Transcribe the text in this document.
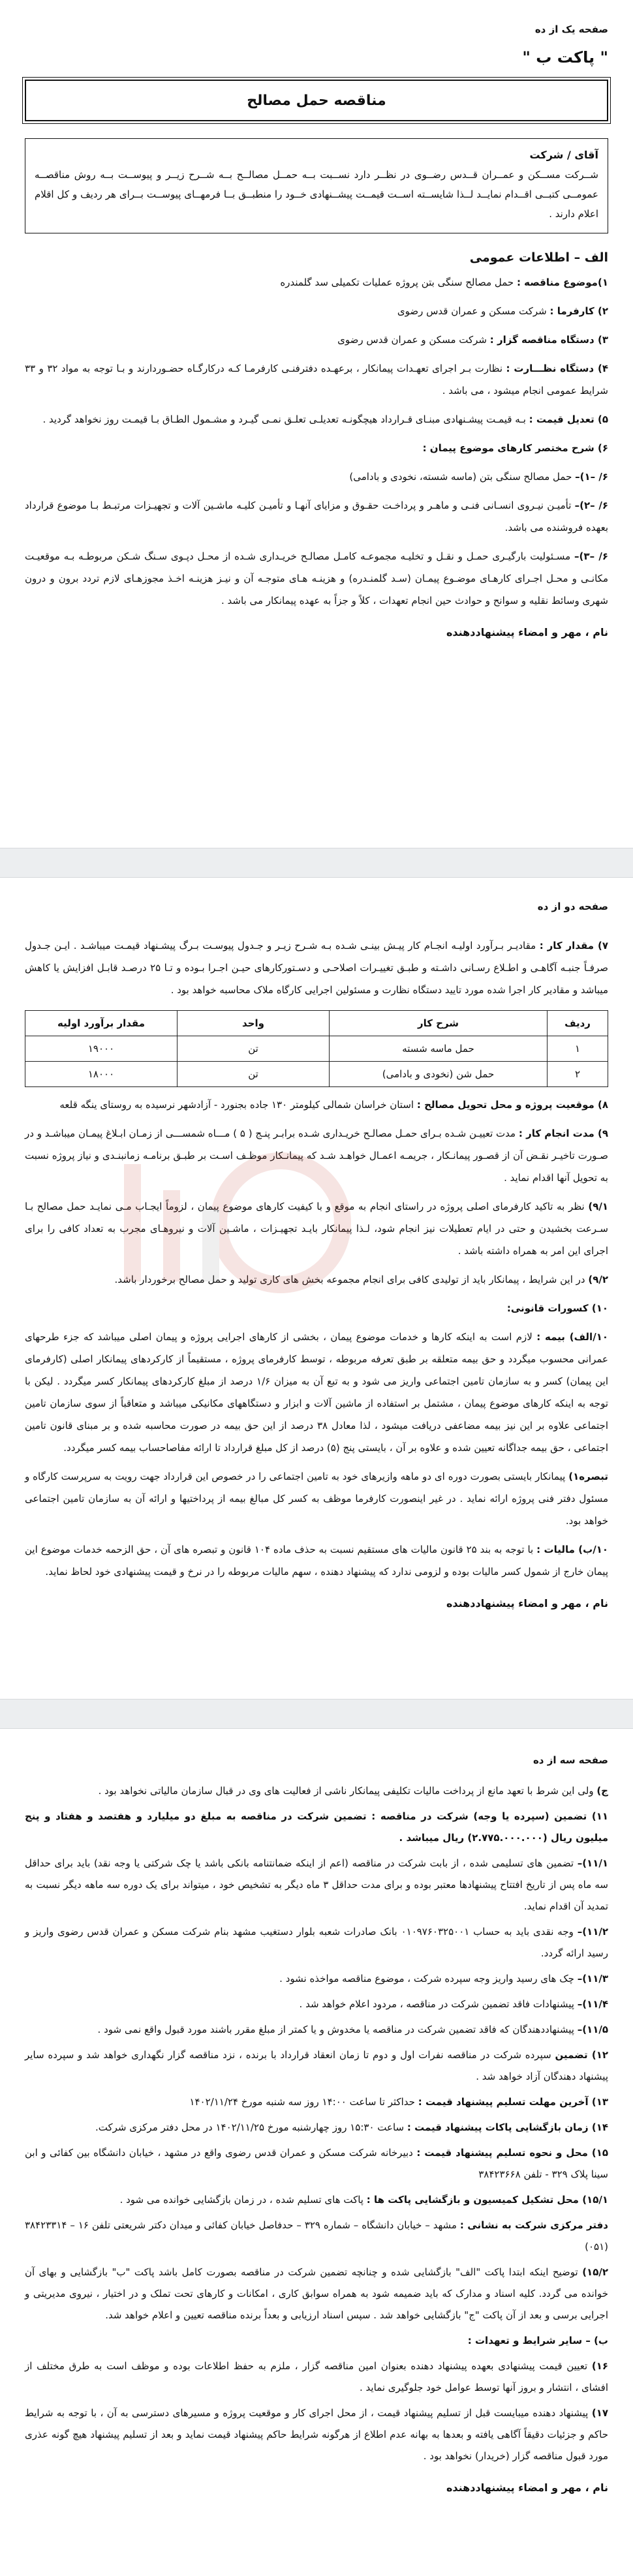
صفحه یک از ده
" پاکت ب "
مناقصه حمل مصالح
آقای / شرکت
شــرکت مســکن و عمــران قــدس رضــوی در نظــر دارد نســبت بــه حمــل مصالــح بــه شــرح زیــر و پیوســت بــه روش مناقصــه عمومــی کتبــی اقــدام نمایــد لــذا شایســته اســت قیمــت پیشــنهادی خــود را منطبــق بــا فرمهــای پیوســت بــرای هر ردیف و کل اقلام اعلام دارند .
الف – اطلاعات عمومی
۱)موضوع مناقصه : حمل مصالح سنگی بتن پروژه عملیات تکمیلی سد گلمندره
۲) کارفرما : شرکت مسکن و عمران قدس رضوی
۳) دستگاه مناقصه گزار : شرکت مسکن و عمران قدس رضوی
۴) دستگاه نظـــارت : نظارت بـر اجرای تعهـدات پیمانکار ، برعهـده دفترفنـی کارفرمـا کـه درکارگـاه حضـوردارند و بـا توجه به مواد ۳۲ و ۳۳ شرایط عمومی انجام میشود ، می باشد .
۵) تعدیل قیمت : بـه قیمـت پیشـنهادی مبنـای قـرارداد هیچگونـه تعدیلـی تعلـق نمـی گیـرد و مشـمول الطـاق بـا قیمـت روز نخواهد گردید .
۶) شرح مختصر کارهای موضوع پیمان :
۶/ –۱)– حمل مصالح سنگی بتن (ماسه شسته، نخودی و بادامی)
۶/ –۲)– تأمیـن نیـروی انسـانی فنـی و ماهـر و پرداخـت حقـوق و مزایای آنهـا و تأمیـن کلیـه ماشـین آلات و تجهیـزات مرتبـط بـا موضوع قرارداد بعهده فروشنده می باشد.
۶/ –۳)– مسـئولیت بارگیـری حمـل و نقـل و تخلیـه مجموعـه کامـل مصالـح خریـداری شـده از محـل دپـوی سـنگ شـکن مربوطـه بـه موقعیـت مکانـی و محـل اجـرای کارهـای موضـوع پیمـان (سـد گلمنـدره) و هزینـه هـای متوجـه آن و نیـز هزینـه اخـذ مجوزهـای لازم تردد برون و درون شهری وسائط نقلیه و سوانح و حوادث حین انجام تعهدات ، کلاً و جزاً به عهده پیمانکار می باشد .
نام ، مهر و امضاء پیشنهاددهنده
صفحه دو از ده
۷) مقدار کار : مقادیـر بـرآورد اولیـه انجـام کار پیـش بینـی شـده بـه شـرح زیـر و جـدول پیوسـت بـرگ پیشـنهاد قیمـت میباشـد . ایـن جـدول صرفـاً جنبـه آگاهـی و اطـلاع رسـانی داشـته و طبـق تغییـرات اصلاحـی و دسـتورکارهای حیـن اجـرا بـوده و تـا ۲۵ درصـد قابـل افزایش یا کاهش میباشد و مقادیر کار اجرا شده مورد تایید دستگاه نظارت و مسئولین اجرایی کارگاه ملاک محاسبه خواهد بود .
ردیف	شرح کار	واحد	مقدار برآورد اولیه
۱	حمل ماسه شسته	تن	۱۹۰۰۰
۲	حمل شن (نخودی و بادامی)	تن	۱۸۰۰۰
۸) موقعیت پروژه و محل تحویل مصالح : استان خراسان شمالی کیلومتر ۱۳۰ جاده بجنورد - آزادشهر نرسیده به روستای ینگه قلعه
۹) مدت انجام کار : مدت تعییـن شـده بـرای حمـل مصالـح خریـداری شـده برابـر پنـج ( ۵ ) مـــاه شمســـی از زمـان ابـلاغ پیمـان میباشـد و در صـورت تاخیـر نقـض آن از قصـور پیمانـکار ، جریمـه اعمـال خواهـد شـد که پیمانـکار موظـف اسـت بر طبـق برنامـه زمانبنـدی و نیاز پروژه نسبت به تحویل آنها اقدام نماید .
۹/۱) نظر به تاکید کارفرمای اصلی پروژه در راستای انجام به موقع و با کیفیت کارهای موضوع پیمان ، لزوماً ایجـاب مـی نمایـد حمل مصالح بـا سـرعت بخشیدن و حتی در ایام تعطیلات نیز انجام شود، لـذا پیمانکار بایـد تجهیـزات ، ماشـین آلات و نیروهـای مجرب به تعداد کافی را برای اجرای این امر به همراه داشته باشد .
۹/۲) در این شرایط ، پیمانکار باید از تولیدی کافی برای انجام مجموعه بخش های کاری تولید و حمل مصالح برخوردار باشد.
۱۰) کسورات قانونی:
۱۰/الف) بیمه : لازم است به اینکه کارها و خدمات موضوع پیمان ، بخشی از کارهای اجرایی پروژه و پیمان اصلی میباشد که جزء طرحهای عمرانی محسوب میگردد و حق بیمه متعلقه بر طبق تعرفه مربوطه ، توسط کارفرمای پروژه ، مستقیماً از کارکردهای پیمانکار اصلی (کارفرمای این پیمان) کسر و به سازمان تامین اجتماعی واریز می شود و به تبع آن به میزان ۱/۶ درصد از مبلغ کارکردهای پیمانکار کسر میگردد . لیکن با توجه به اینکه کارهای موضوع پیمان ، مشتمل بر استفاده از ماشین آلات و ابزار و دستگاههای مکانیکی میباشد و متعاقباً از سوی سازمان تامین اجتماعی علاوه بر این نیز بیمه مضاعفی دریافت میشود ، لذا معادل ۳۸ درصد از این حق بیمه در صورت محاسبه شده و بر مبنای قانون تامین اجتماعی ، حق بیمه جداگانه تعیین شده و علاوه بر آن ، بایستی پنج (۵) درصد از کل مبلغ قرارداد تا ارائه مفاصاحساب بیمه کسر میگردد.
تبصره۱) پیمانکار بایستی بصورت دوره ای دو ماهه وازیرهای خود به تامین اجتماعی را در خصوص این قرارداد جهت رویت به سرپرست کارگاه و مسئول دفتر فنی پروژه ارائه نماید . در غیر اینصورت کارفرما موظف به کسر کل مبالغ بیمه از پرداختیها و ارائه آن به سازمان تامین اجتماعی خواهد بود.
۱۰/ب) مالیات : با توجه به بند ۲۵ قانون مالیات های مستقیم نسبت به حذف ماده ۱۰۴ قانون و تبصره های آن ، حق الزحمه خدمات موضوع این پیمان خارج از شمول کسر مالیات بوده و لزومی ندارد که پیشنهاد دهنده ، سهم مالیات مربوطه را در نرخ و قیمت پیشنهادی خود لحاظ نماید.
نام ، مهر و امضاء پیشنهاددهنده
صفحه سه از ده
ج) ولی این شرط با تعهد مانع از پرداخت مالیات تکلیفی پیمانکار ناشی از فعالیت های وی در قبال سازمان مالیاتی نخواهد بود .
۱۱) تضمین (سپرده یا وجه) شرکت در مناقصه : تضمین شرکت در مناقصه به مبلغ دو میلیارد و هفتصد و هفتاد و پنج میلیون ریال (۲.۷۷۵.۰۰۰.۰۰۰) ریال میباشد .
۱۱/۱)– تضمین های تسلیمی شده ، از بابت شرکت در مناقصه (اعم از اینکه ضمانتنامه بانکی باشد یا چک شرکتی یا وجه نقد) باید برای حداقل سه ماه پس از تاریخ افتتاح پیشنهادها معتبر بوده و برای مدت حداقل ۳ ماه دیگر به تشخیص خود ، میتواند برای یک دوره سه ماهه دیگر نسبت به تمدید آن اقدام نماید.
۱۱/۲)– وجه نقدی باید به حساب ۰۱۰۹۷۶۰۳۲۵۰۰۱ بانک صادرات شعبه بلوار دستغیب مشهد بنام شرکت مسکن و عمران قدس رضوی واریز و رسید ارائه گردد.
۱۱/۳)– چک های رسید واریز وجه سپرده شرکت ، موضوع مناقصه مواخذه نشود .
۱۱/۴)– پیشنهادات فاقد تضمین شرکت در مناقصه ، مردود اعلام خواهد شد .
۱۱/۵)– پیشنهاددهندگان که فاقد تضمین شرکت در مناقصه یا مخدوش و یا کمتر از مبلغ مقرر باشند مورد قبول واقع نمی شود .
۱۲) تضمین سپرده شرکت در مناقصه نفرات اول و دوم تا زمان انعقاد قرارداد با برنده ، نزد مناقصه گزار نگهداری خواهد شد و سپرده سایر پیشنهاد دهندگان آزاد خواهد شد .
۱۳) آخرین مهلت تسلیم پیشنهاد قیمت : حداکثر تا ساعت ۱۴:۰۰ روز سه شنبه مورخ ۱۴۰۲/۱۱/۲۴
۱۴) زمان بازگشایی پاکات پیشنهاد قیمت : ساعت ۱۵:۳۰ روز چهارشنبه مورخ ۱۴۰۲/۱۱/۲۵ در محل دفتر مرکزی شرکت.
۱۵) محل و نحوه تسلیم پیشنهاد قیمت : دبیرخانه شرکت مسکن و عمران قدس رضوی واقع در مشهد ، خیابان دانشگاه بین کفائی و ابن سینا پلاک ۳۲۹ - تلفن ۳۸۴۲۳۶۶۸
۱۵/۱) محل تشکیل کمیسیون و بازگشایی پاکت ها : پاکت های تسلیم شده ، در زمان بازگشایی خوانده می شود .
دفتر مرکزی شرکت به نشانی : مشهد – خیابان دانشگاه – شماره ۳۲۹ – حدفاصل خیابان کفائی و میدان دکتر شریعتی تلفن ۱۶ – ۳۸۴۲۳۳۱۴ (۰۵۱)
۱۵/۲) توضیح اینکه ابتدا پاکت "الف" بازگشایی شده و چنانچه تضمین شرکت در مناقصه بصورت کامل باشد پاکت "ب" بازگشایی و بهای آن خوانده می گردد. کلیه اسناد و مدارک که باید ضمیمه شود به همراه سوابق کاری ، امکانات و کارهای تحت تملک و در اختیار ، نیروی مدیریتی و اجرایی برسی و بعد از آن پاکت "ج" بازگشایی خواهد شد . سپس اسناد ارزیابی و بعداً برنده مناقصه تعیین و اعلام خواهد شد.
ب) – سایر شرایط و تعهدات :
۱۶) تعیین قیمت پیشنهادی بعهده پیشنهاد دهنده بعنوان امین مناقصه گزار ، ملزم به حفظ اطلاعات بوده و موظف است به طرق مختلف از افشای ، انتشار و بروز آنها توسط عوامل خود جلوگیری نماید .
۱۷) پیشنهاد دهنده میبایست قبل از تسلیم پیشنهاد قیمت ، از محل اجرای کار و موقعیت پروژه و مسیرهای دسترسی به آن ، با توجه به شرایط حاکم و جزئیات دقیقاً آگاهی یافته و بعدها به بهانه عدم اطلاع از هرگونه شرایط حاکم پیشنهاد قیمت نماید و بعد از تسلیم پیشنهاد هیچ گونه عذری مورد قبول مناقصه گزار (خریدار) نخواهد بود .
نام ، مهر و امضاء پیشنهاددهنده
